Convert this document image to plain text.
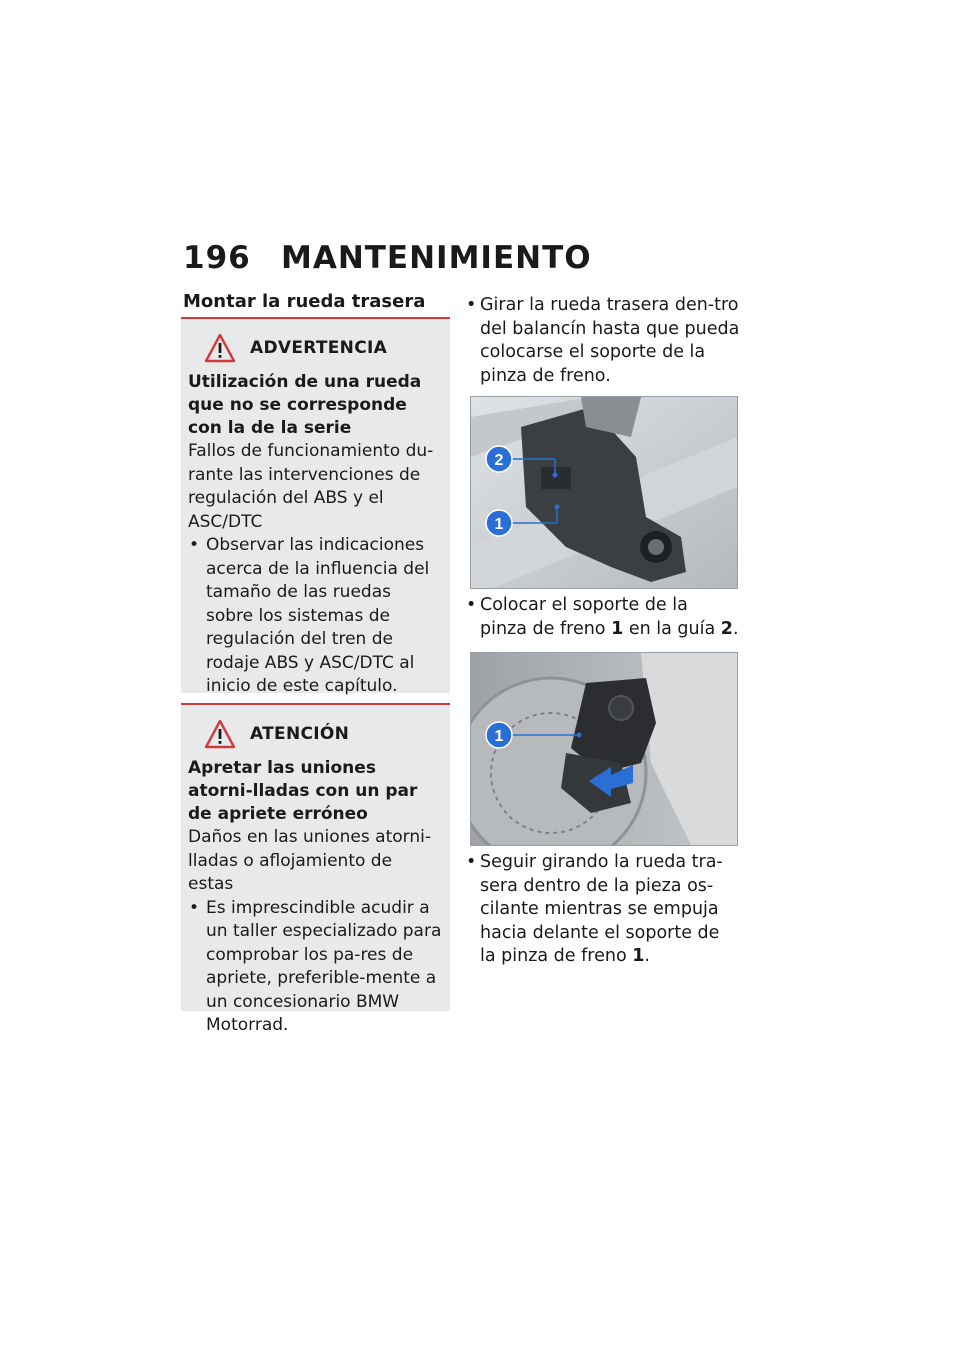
196 MANTENIMIENTO
Montar la rueda trasera
ADVERTENCIA
Utilización de una rueda que no se corresponde con la de la serie
Fallos de funcionamiento du-rante las intervenciones de regulación del ABS y el ASC/DTC
• Observar las indicaciones acerca de la influencia del tamaño de las ruedas sobre los sistemas de regulación del tren de rodaje ABS y ASC/DTC al inicio de este capítulo.
ATENCIÓN
Apretar las uniones atorni-lladas con un par de apriete erróneo
Daños en las uniones atorni-lladas o aflojamiento de estas
• Es imprescindible acudir a un taller especializado para comprobar los pa-res de apriete, preferible-mente a un concesionario BMW Motorrad.
• Girar la rueda trasera den-tro del balancín hasta que pueda colocarse el soporte de la pinza de freno.
2
1
• Colocar el soporte de la pinza de freno 1 en la guía 2.
1
• Seguir girando la rueda tra-sera dentro de la pieza os-cilante mientras se empuja hacia delante el soporte de la pinza de freno 1.
